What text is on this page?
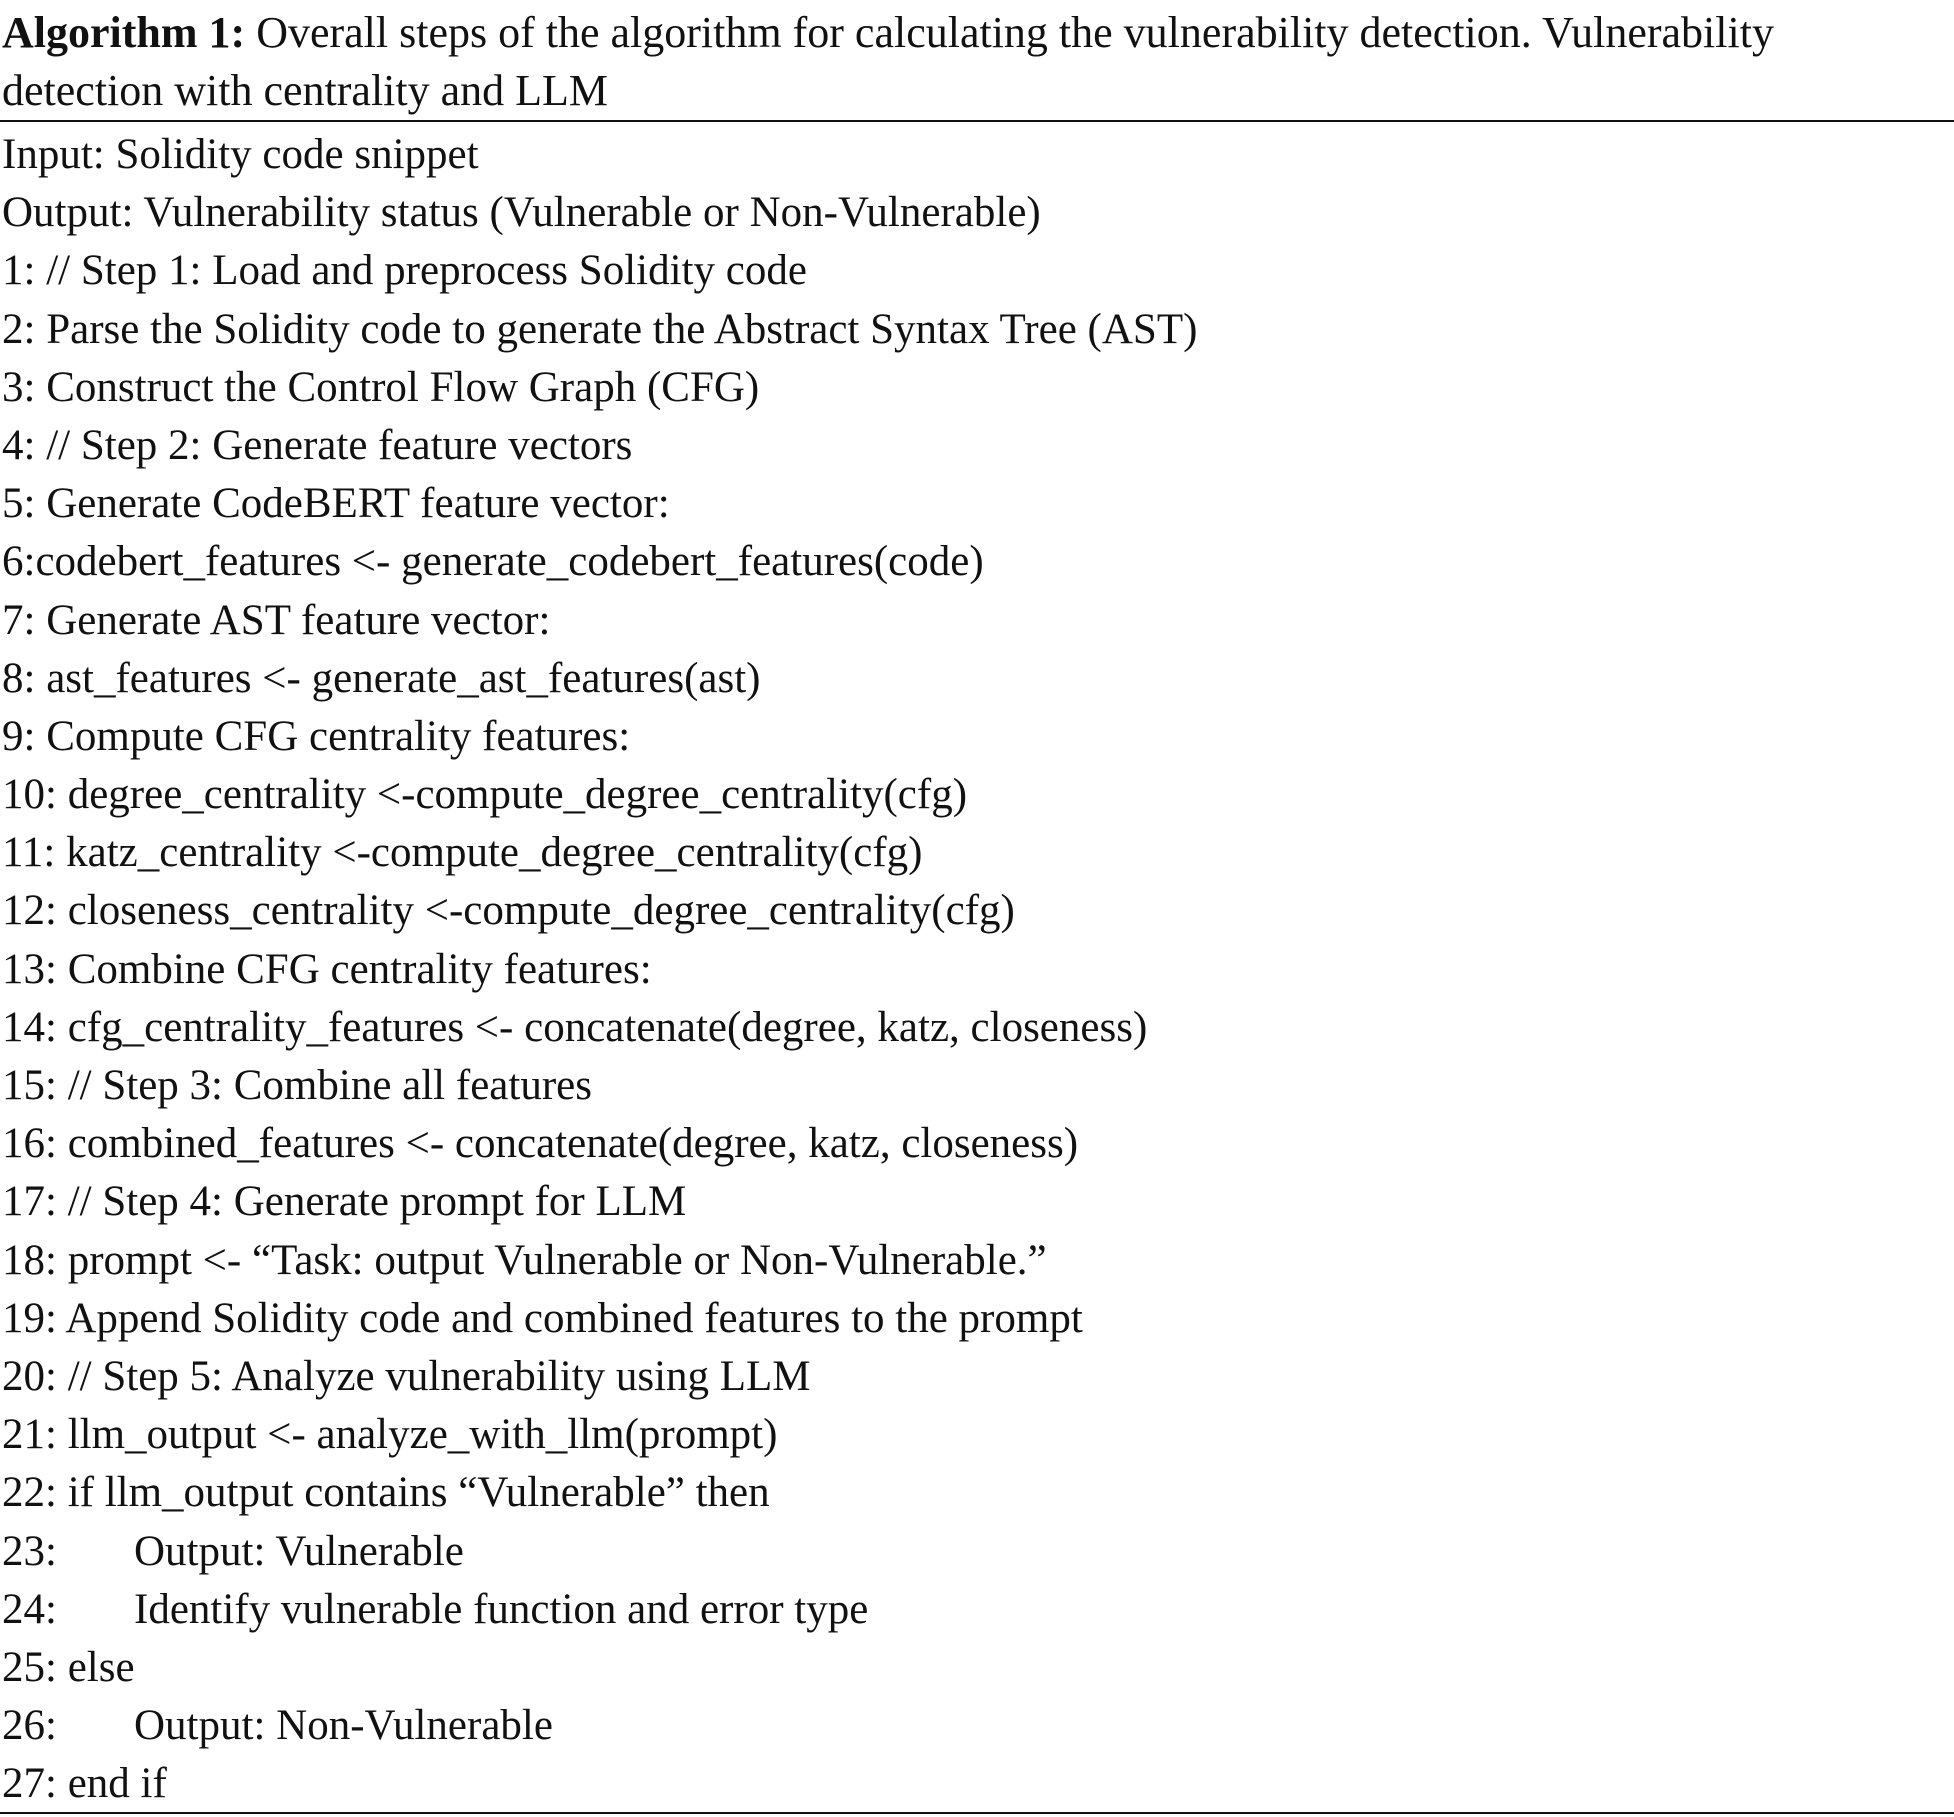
Algorithm 1: Overall steps of the algorithm for calculating the vulnerability detection. Vulnerability detection with centrality and LLM
Input: Solidity code snippet
Output: Vulnerability status (Vulnerable or Non-Vulnerable)
1: // Step 1: Load and preprocess Solidity code
2: Parse the Solidity code to generate the Abstract Syntax Tree (AST)
3: Construct the Control Flow Graph (CFG)
4: // Step 2: Generate feature vectors
5: Generate CodeBERT feature vector:
6:codebert_features <- generate_codebert_features(code)
7: Generate AST feature vector:
8: ast_features <- generate_ast_features(ast)
9: Compute CFG centrality features:
10: degree_centrality <-compute_degree_centrality(cfg)
11: katz_centrality <-compute_degree_centrality(cfg)
12: closeness_centrality <-compute_degree_centrality(cfg)
13: Combine CFG centrality features:
14: cfg_centrality_features <- concatenate(degree, katz, closeness)
15: // Step 3: Combine all features
16: combined_features <- concatenate(degree, katz, closeness)
17: // Step 4: Generate prompt for LLM
18: prompt <- “Task: output Vulnerable or Non-Vulnerable.”
19: Append Solidity code and combined features to the prompt
20: // Step 5: Analyze vulnerability using LLM
21: llm_output <- analyze_with_llm(prompt)
22: if llm_output contains “Vulnerable” then
23: Output: Vulnerable
24: Identify vulnerable function and error type
25: else
26: Output: Non-Vulnerable
27: end if
